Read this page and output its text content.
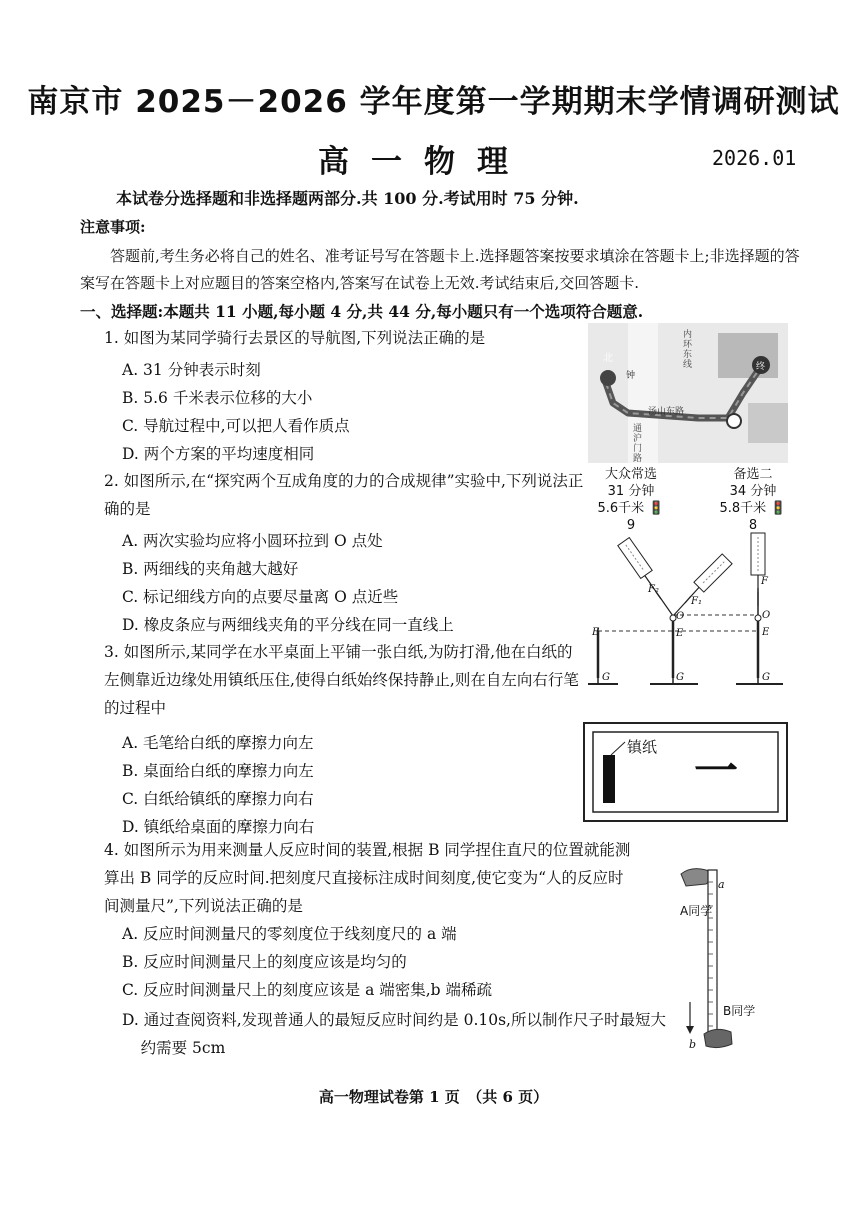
南京市 2025－2026 学年度第一学期期末学情调研测试
高一物理	2026.01
本试卷分选择题和非选择题两部分.共 100 分.考试用时 75 分钟.
注意事项:
答题前,考生务必将自己的姓名、准考证号写在答题卡上.选择题答案按要求填涂在答题卡上;非选择题的答案写在答题卡上对应题目的答案空格内,答案写在试卷上无效.考试结束后,交回答题卡.
一、选择题:本题共 11 小题,每小题 4 分,共 44 分,每小题只有一个选项符合题意.
1. 如图为某同学骑行去景区的导航图,下列说法正确的是
A. 31 分钟表示时刻
B. 5.6 千米表示位移的大小
C. 导航过程中,可以把人看作质点
D. 两个方案的平均速度相同
内环东线
汤山东路
通沪门路
北
钟
终
大众常选
31 分钟
5.6千米 🚦9
备选二
34 分钟
5.8千米 🚦8
2. 如图所示,在“探究两个互成角度的力的合成规律”实验中,下列说法正确的是
A. 两次实验均应将小圆环拉到 O 点处
B. 两细线的夹角越大越好
C. 标记细线方向的点要尽量离 O 点近些
D. 橡皮条应与两细线夹角的平分线在同一直线上
F₁
F₂
F
O	O
E	E	E
G	G	G
3. 如图所示,某同学在水平桌面上平铺一张白纸,为防打滑,他在白纸的左侧靠近边缘处用镇纸压住,使得白纸始终保持静止,则在自左向右行笔的过程中
A. 毛笔给白纸的摩擦力向左
B. 桌面给白纸的摩擦力向左
C. 白纸给镇纸的摩擦力向右
D. 镇纸给桌面的摩擦力向右
镇纸 一
4. 如图所示为用来测量人反应时间的装置,根据 B 同学捏住直尺的位置就能测算出 B 同学的反应时间.把刻度尺直接标注成时间刻度,使它变为“人的反应时间测量尺”,下列说法正确的是
A. 反应时间测量尺的零刻度位于线刻度尺的 a 端
B. 反应时间测量尺上的刻度应该是均匀的
C. 反应时间测量尺上的刻度应该是 a 端密集,b 端稀疏
D. 通过查阅资料,发现普通人的最短反应时间约是 0.10s,所以制作尺子时最短大约需要 5cm
a
b
A同学
B同学
高一物理试卷第 1 页　（共 6 页）
